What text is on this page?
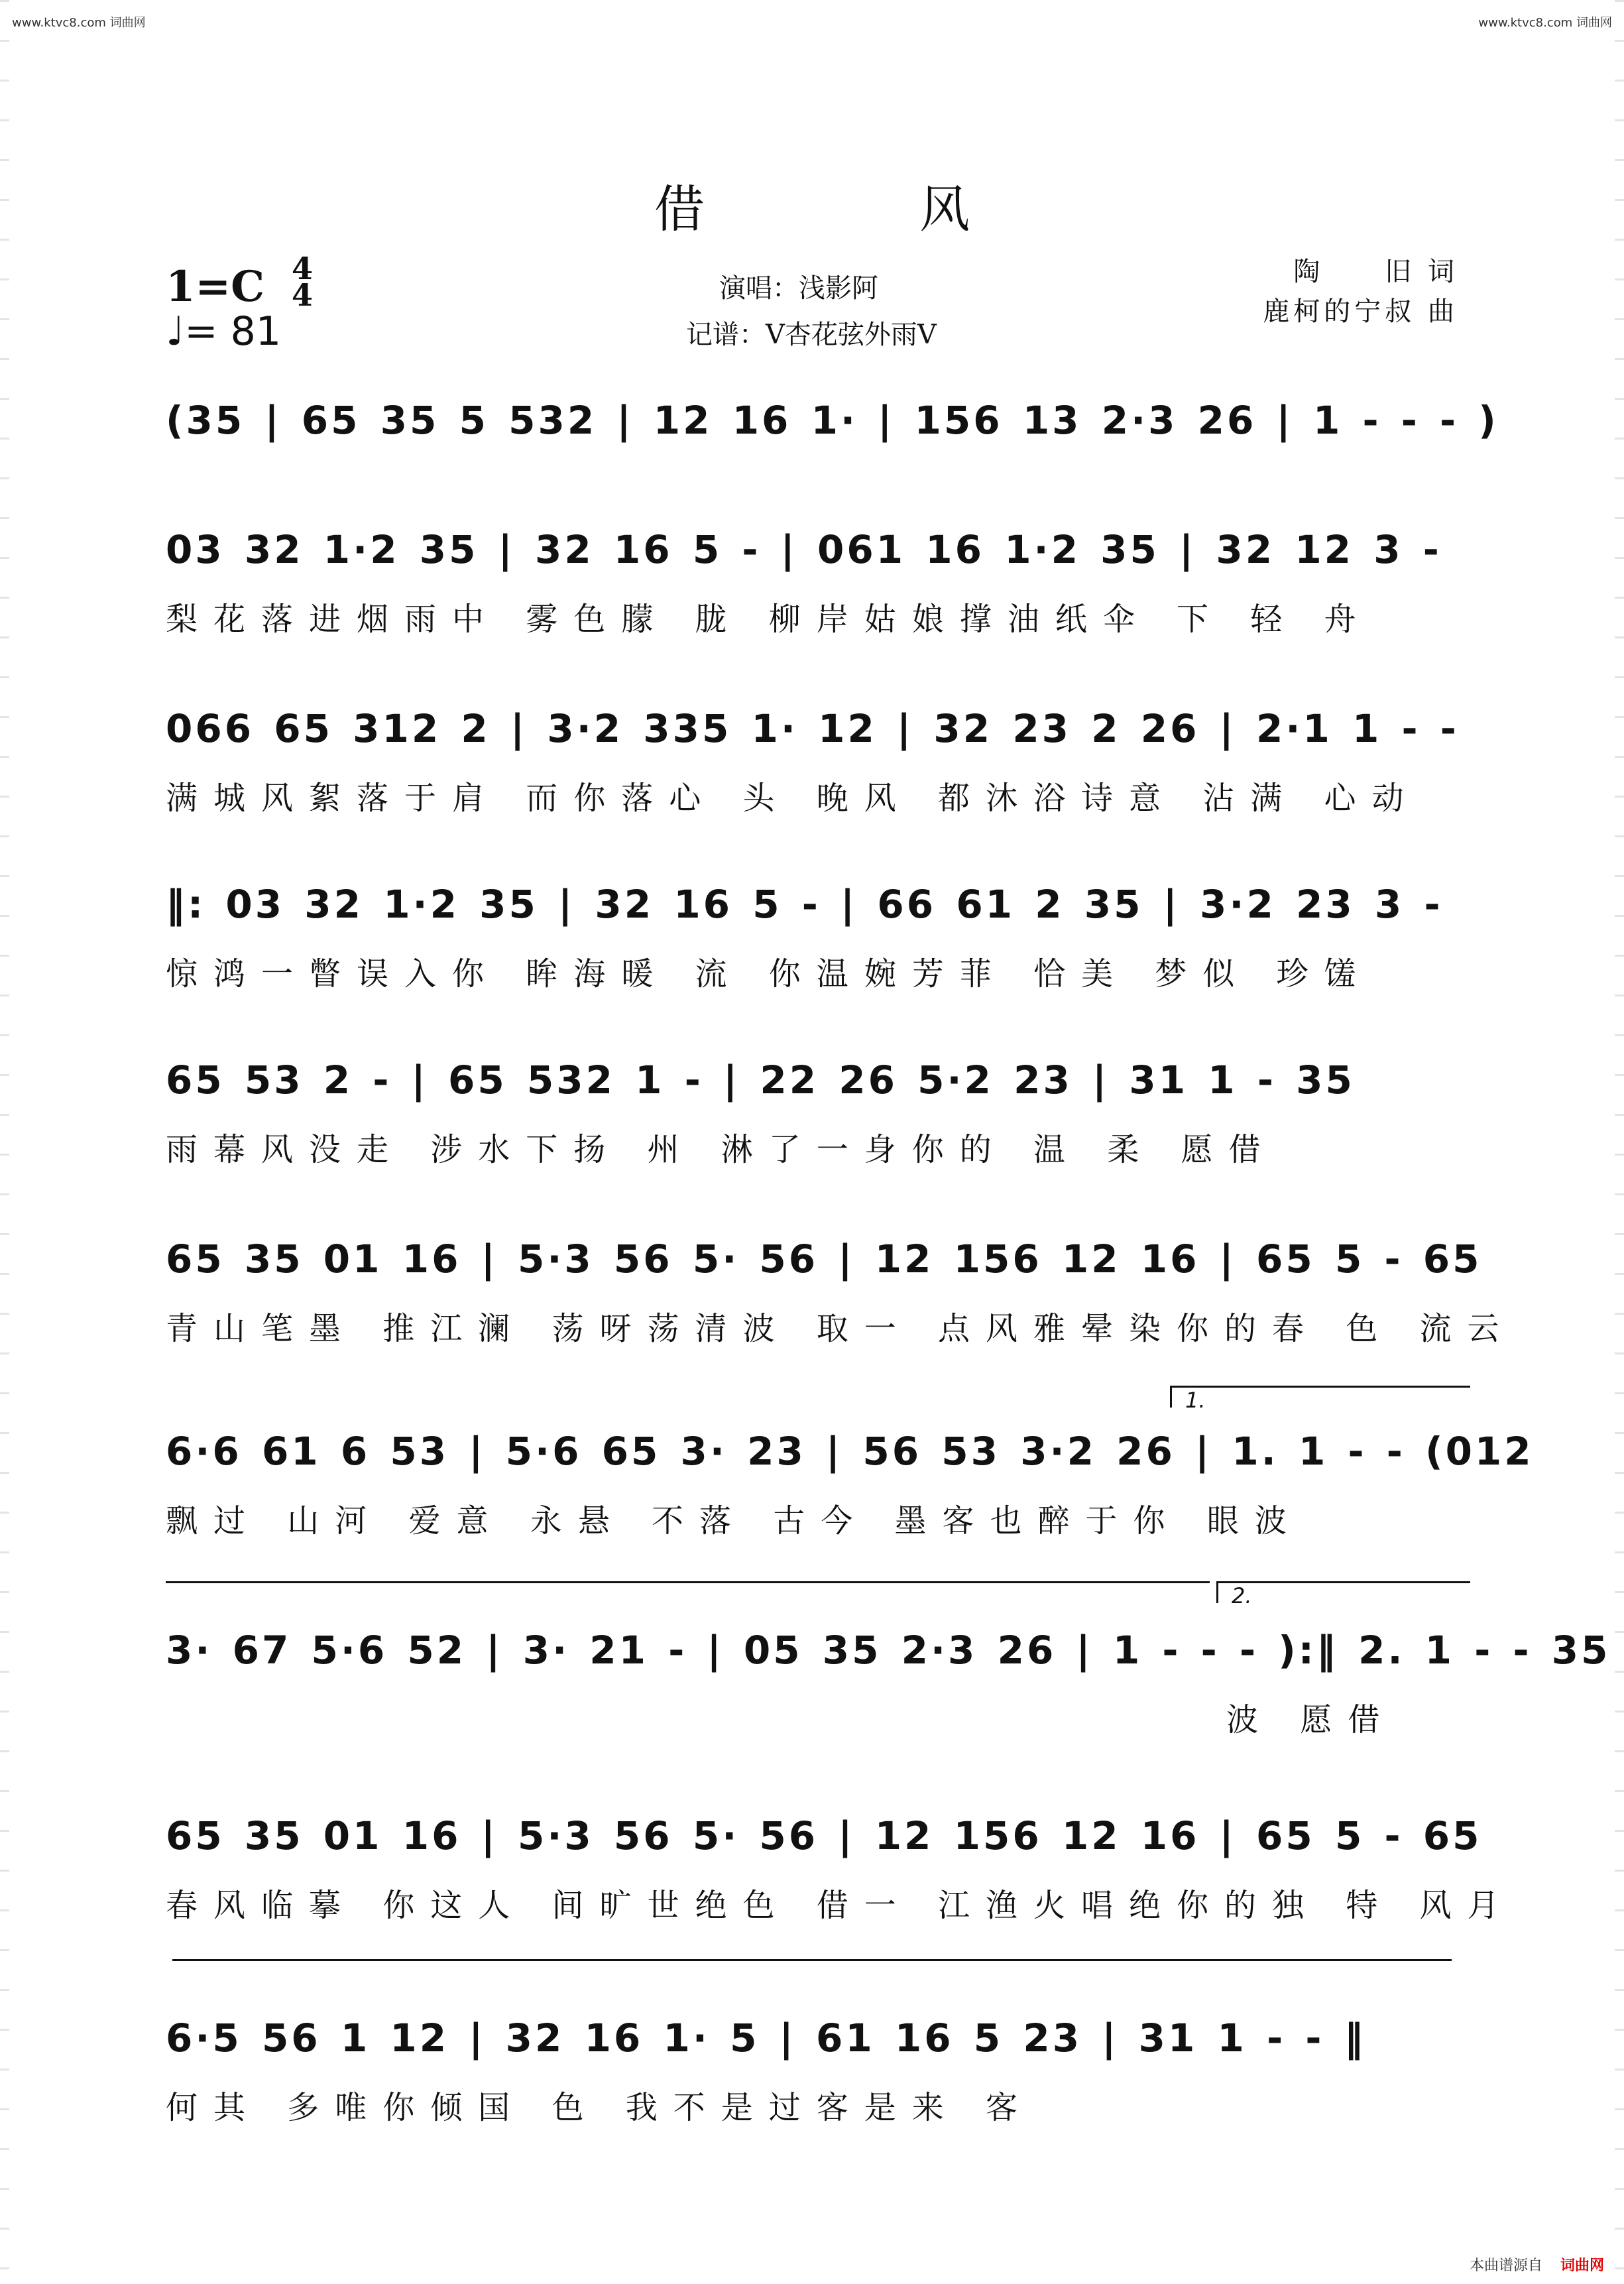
www.ktvc8.com 词曲网	www.ktvc8.com 词曲网
借 风
1=C 4
4
♩= 81
演唱：浅影阿
记谱：V杏花弦外雨V
陶　　旧 词
鹿柯的宁叔 曲
(35 | 65 35 5 532 | 12 16 1· | 156 13 2·3 26 | 1 - - - )
03 32 1·2 35 | 32 16 5 - | 061 16 1·2 35 | 32 12 3 -
梨花落进烟雨中 雾色朦 胧 柳岸姑娘撑油纸伞 下 轻 舟
066 65 312 2 | 3·2 335 1· 12 | 32 23 2 26 | 2·1 1 - -
满城风絮落于肩 而你落心 头 晚风 都沐浴诗意 沾满 心动
‖: 03 32 1·2 35 | 32 16 5 - | 66 61 2 35 | 3·2 23 3 -
惊鸿一瞥误入你 眸海暖 流 你温婉芳菲 恰美 梦似 珍馐
65 53 2 - | 65 532 1 - | 22 26 5·2 23 | 31 1 - 35
雨幕风没走 涉水下扬 州 淋了一身你的 温 柔 愿借
65 35 01 16 | 5·3 56 5· 56 | 12 156 12 16 | 65 5 - 65
青山笔墨 推江澜 荡呀荡清波 取一 点风雅晕染你的春 色 流云
1.
6·6 61 6 53 | 5·6 65 3· 23 | 56 53 3·2 26 | 1. 1 - - (012
飘过 山河 爱意 永悬 不落 古今 墨客也醉于你 眼波
2.
3· 67 5·6 52 | 3· 21 - | 05 35 2·3 26 | 1 - - - ):‖ 2. 1 - - 35
波 愿借
65 35 01 16 | 5·3 56 5· 56 | 12 156 12 16 | 65 5 - 65
春风临摹 你这人 间旷世绝色 借一 江渔火唱绝你的独 特 风月
6·5 56 1 12 | 32 16 1· 5 | 61 16 5 23 | 31 1 - - ‖
何其 多唯你倾国 色 我不是过客是来 客
本曲谱源自 词曲网
